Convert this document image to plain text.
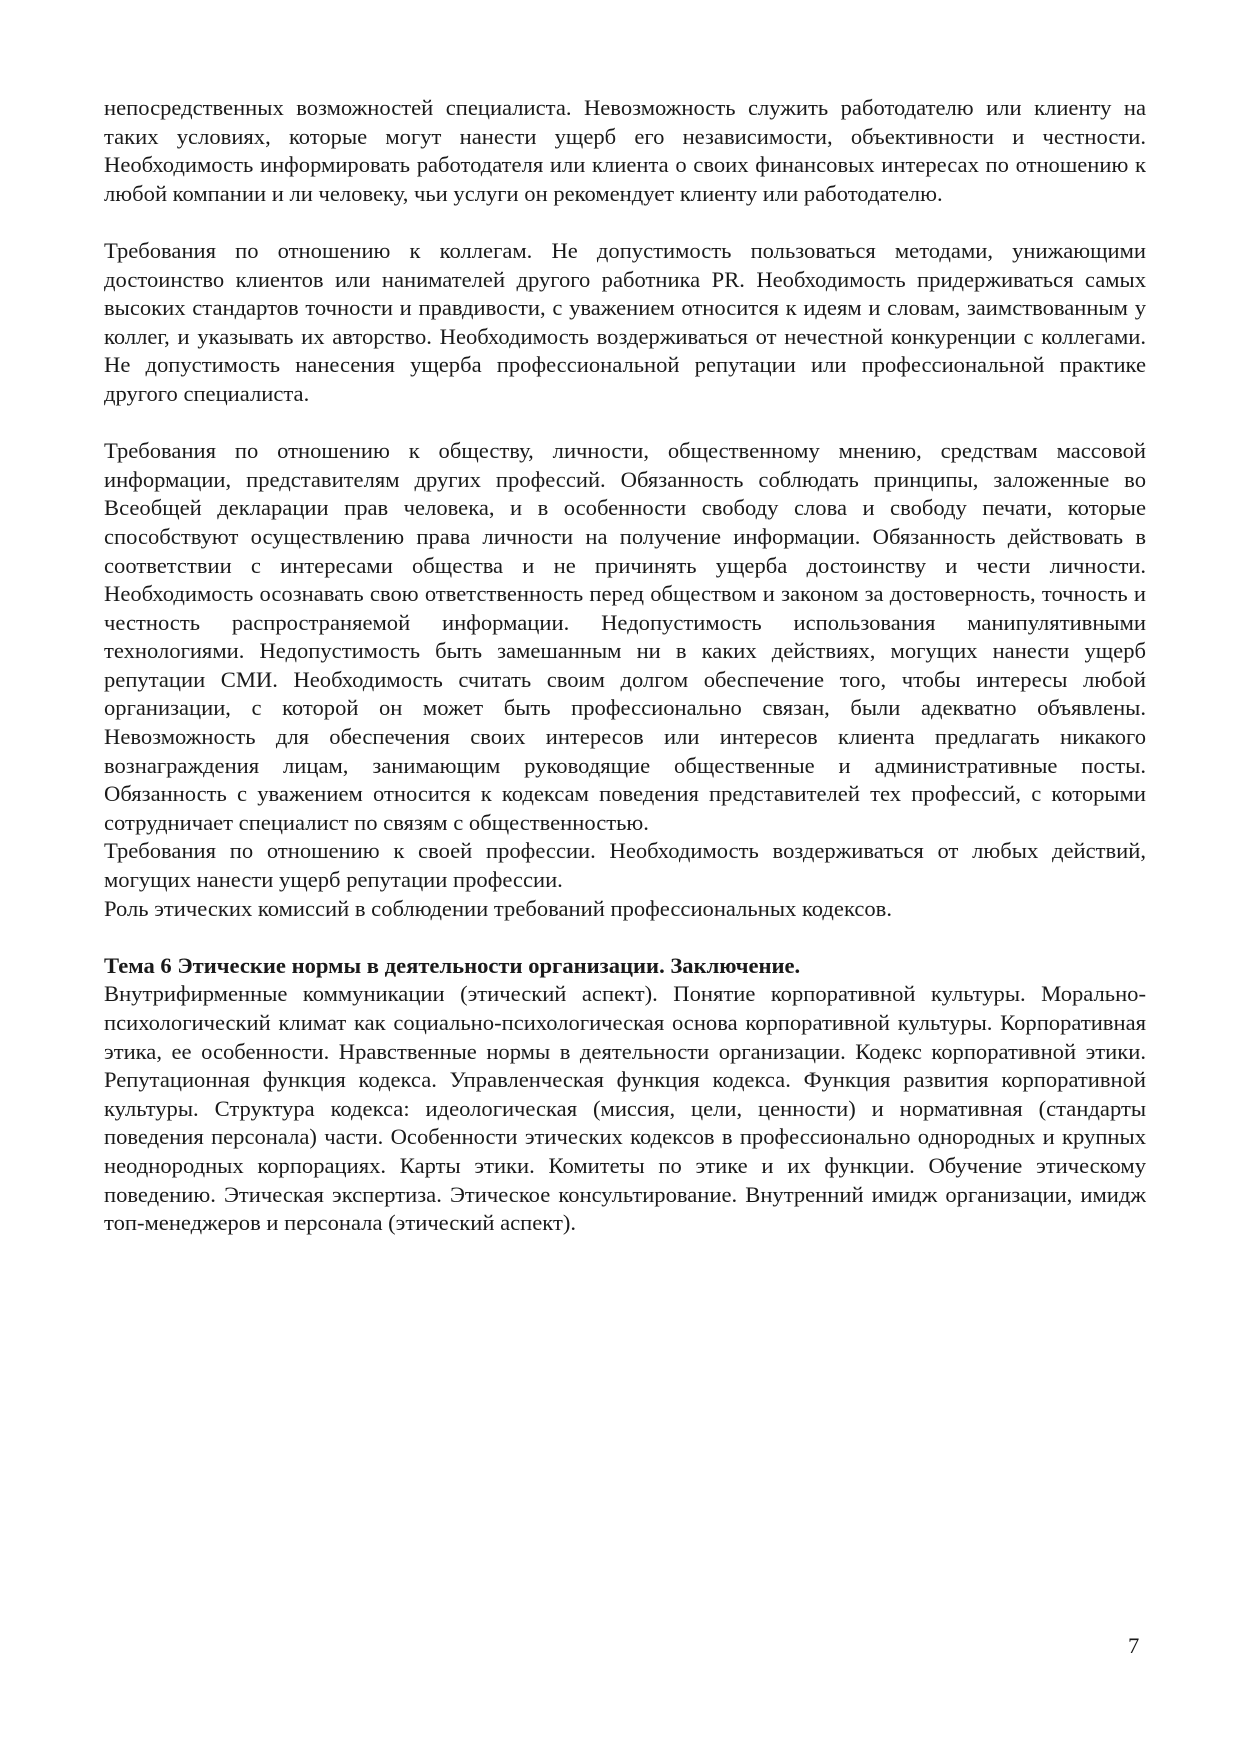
непосредственных возможностей специалиста. Невозможность служить работодателю или клиенту на таких условиях, которые могут нанести ущерб его независимости, объективности и честности. Необходимость информировать работодателя или клиента о своих финансовых интересах по отношению к любой компании и ли человеку, чьи услуги он рекомендует клиенту или работодателю.

Требования по отношению к коллегам. Не допустимость пользоваться методами, унижающими достоинство клиентов или нанимателей другого работника PR. Необходимость придерживаться самых высоких стандартов точности и правдивости, с уважением относится к идеям и словам, заимствованным у коллег, и указывать их авторство. Необходимость воздерживаться от нечестной конкуренции с коллегами. Не допустимость нанесения ущерба профессиональной репутации или профессиональной практике другого специалиста.

Требования по отношению к обществу, личности, общественному мнению, средствам массовой информации, представителям других профессий. Обязанность соблюдать принципы, заложенные во Всеобщей декларации прав человека, и в особенности свободу слова и свободу печати, которые способствуют осуществлению права личности на получение информации. Обязанность действовать в соответствии с интересами общества и не причинять ущерба достоинству и чести личности. Необходимость осознавать свою ответственность перед обществом и законом за достоверность, точность и честность распространяемой информации. Недопустимость использования манипулятивными технологиями. Недопустимость быть замешанным ни в каких действиях, могущих нанести ущерб репутации СМИ. Необходимость считать своим долгом обеспечение того, чтобы интересы любой организации, с которой он может быть профессионально связан, были адекватно объявлены. Невозможность для обеспечения своих интересов или интересов клиента предлагать никакого вознаграждения лицам, занимающим руководящие общественные и административные посты. Обязанность с уважением относится к кодексам поведения представителей тех профессий, с которыми сотрудничает специалист по связям с общественностью.

Требования по отношению к своей профессии. Необходимость воздерживаться от любых действий, могущих нанести ущерб репутации профессии.

Роль этических комиссий в соблюдении требований профессиональных кодексов.

Тема 6 Этические нормы в деятельности организации. Заключение.

Внутрифирменные коммуникации (этический аспект). Понятие корпоративной культуры. Морально-психологический климат как социально-психологическая основа корпоративной культуры. Корпоративная этика, ее особенности. Нравственные нормы в деятельности организации. Кодекс корпоративной этики. Репутационная функция кодекса. Управленческая функция кодекса. Функция развития корпоративной культуры. Структура кодекса: идеологическая (миссия, цели, ценности) и нормативная (стандарты поведения персонала) части. Особенности этических кодексов в профессионально однородных и крупных неоднородных корпорациях. Карты этики. Комитеты по этике и их функции. Обучение этическому поведению. Этическая экспертиза. Этическое консультирование. Внутренний имидж организации, имидж топ-менеджеров и персонала (этический аспект).

7
